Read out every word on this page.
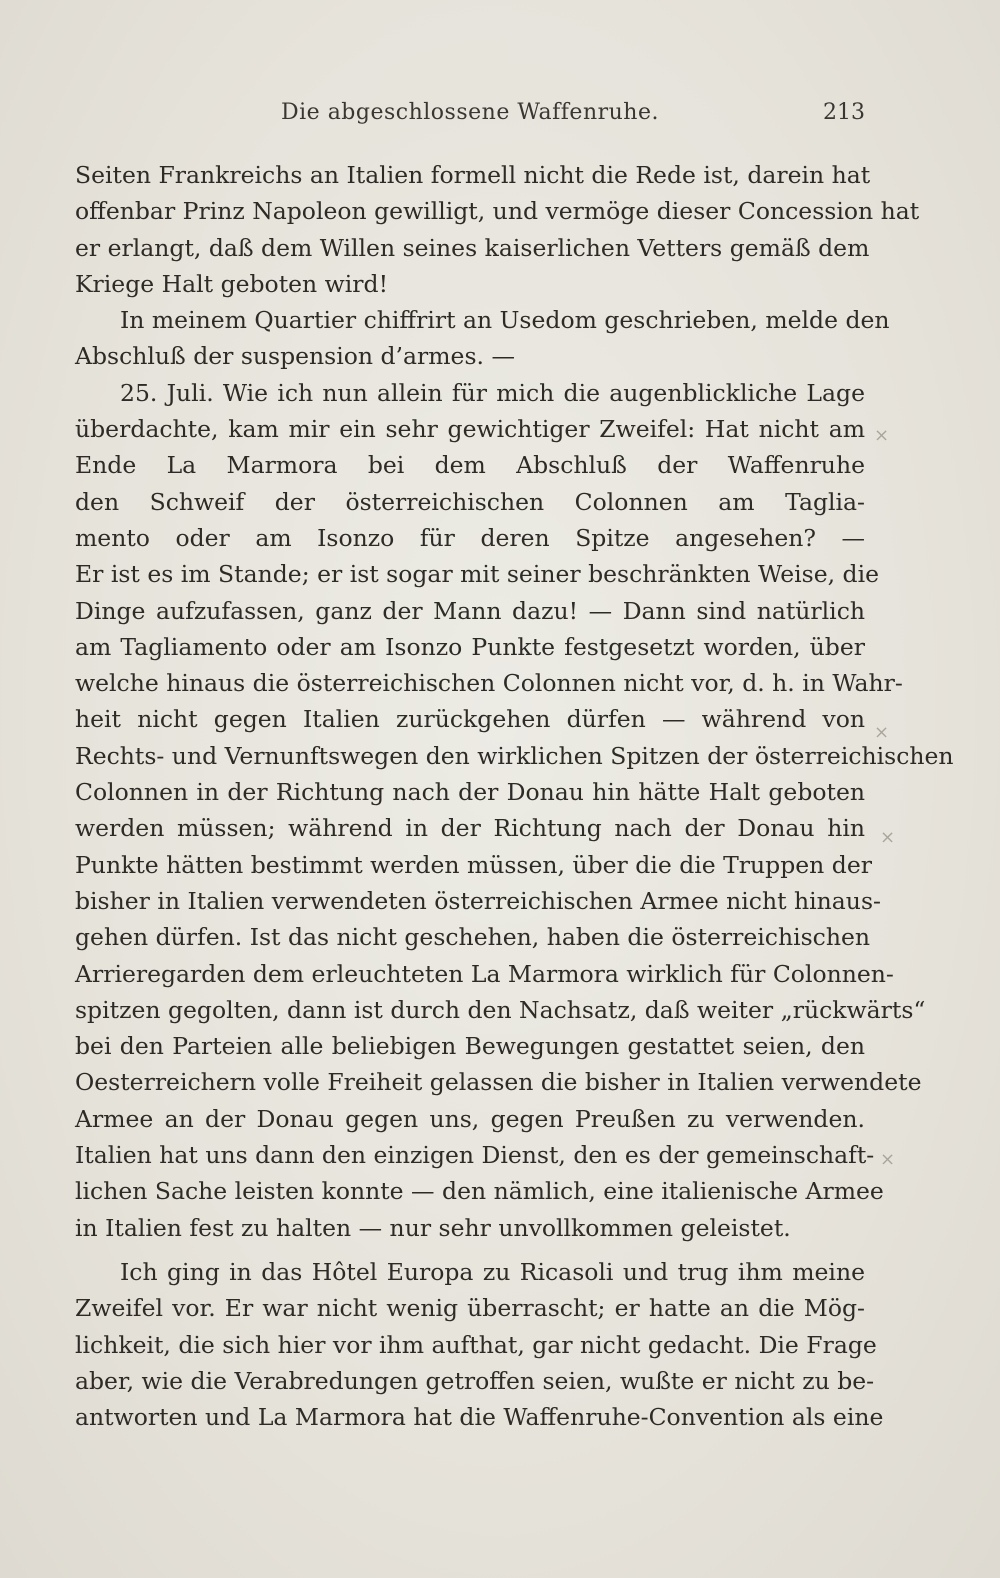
Die abgeschlossene Waffenruhe.	213
Seiten Frankreichs an Italien formell nicht die Rede ist, darein hat
offenbar Prinz Napoleon gewilligt, und vermöge dieser Concession hat
er erlangt, daß dem Willen seines kaiserlichen Vetters gemäß dem
Kriege Halt geboten wird!
In meinem Quartier chiffrirt an Usedom geschrieben, melde den
Abschluß der suspension d’armes. —
25. Juli. Wie ich nun allein für mich die augenblickliche Lage
überdachte, kam mir ein sehr gewichtiger Zweifel: Hat nicht am
Ende La Marmora bei dem Abschluß der Waffenruhe
den Schweif der österreichischen Colonnen am Taglia-
mento oder am Isonzo für deren Spitze angesehen? —
Er ist es im Stande; er ist sogar mit seiner beschränkten Weise, die
Dinge aufzufassen, ganz der Mann dazu! — Dann sind natürlich
am Tagliamento oder am Isonzo Punkte festgesetzt worden, über
welche hinaus die österreichischen Colonnen nicht vor, d. h. in Wahr-
heit nicht gegen Italien zurückgehen dürfen — während von
Rechts- und Vernunftswegen den wirklichen Spitzen der österreichischen
Colonnen in der Richtung nach der Donau hin hätte Halt geboten
werden müssen; während in der Richtung nach der Donau hin
Punkte hätten bestimmt werden müssen, über die die Truppen der
bisher in Italien verwendeten österreichischen Armee nicht hinaus-
gehen dürfen. Ist das nicht geschehen, haben die österreichischen
Arrieregarden dem erleuchteten La Marmora wirklich für Colonnen-
spitzen gegolten, dann ist durch den Nachsatz, daß weiter „rückwärts“
bei den Parteien alle beliebigen Bewegungen gestattet seien, den
Oesterreichern volle Freiheit gelassen die bisher in Italien verwendete
Armee an der Donau gegen uns, gegen Preußen zu verwenden.
Italien hat uns dann den einzigen Dienst, den es der gemeinschaft-
lichen Sache leisten konnte — den nämlich, eine italienische Armee
in Italien fest zu halten — nur sehr unvollkommen geleistet.
Ich ging in das Hôtel Europa zu Ricasoli und trug ihm meine
Zweifel vor. Er war nicht wenig überrascht; er hatte an die Mög-
lichkeit, die sich hier vor ihm aufthat, gar nicht gedacht. Die Frage
aber, wie die Verabredungen getroffen seien, wußte er nicht zu be-
antworten und La Marmora hat die Waffenruhe-Convention als eine
×
×
×
×
